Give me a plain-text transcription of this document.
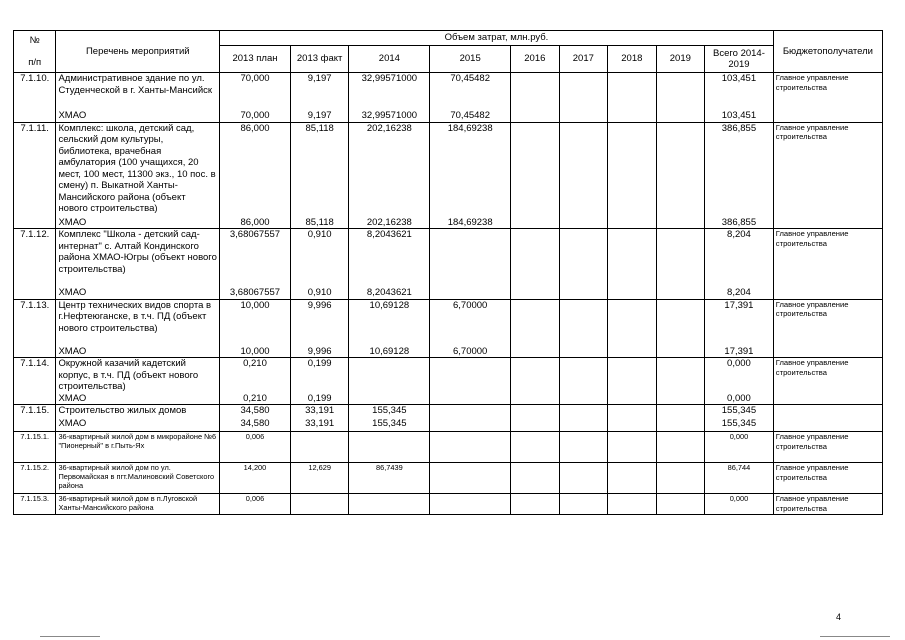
№
п/п	Перечень мероприятий	Объем затрат, млн.руб.									Бюджетополучатели
		2013 план	2013 факт	2014	2015	2016	2017	2018	2019	Всего 2014-2019	
7.1.10.	Административное здание по ул. Студенческой в г. Ханты-Мансийск	70,000	9,197	32,99571000	70,45482					103,451	Главное управление строительства
	ХМАО	70,000	9,197	32,99571000	70,45482					103,451	
7.1.11.	Комплекс: школа, детский сад, сельский дом культуры, библиотека, врачебная амбулатория (100 учащихся, 20 мест, 100 мест, 11300 экз., 10 пос. в смену) п. Выкатной Ханты-Мансийского района (объект нового строительства)	86,000	85,118	202,16238	184,69238					386,855	Главное управление строительства
	ХМАО	86,000	85,118	202,16238	184,69238					386,855	
7.1.12.	Комплекс "Школа - детский сад-интернат" с. Алтай Кондинского района ХМАО-Югры (объект нового строительства)	3,68067557	0,910	8,2043621						8,204	Главное управление строительства
	ХМАО	3,68067557	0,910	8,2043621						8,204	
7.1.13.	Центр технических видов спорта в г.Нефтеюганске, в т.ч. ПД (объект нового строительства)	10,000	9,996	10,69128	6,70000					17,391	Главное управление строительства
	ХМАО	10,000	9,996	10,69128	6,70000					17,391	
7.1.14.	Окружной казачий кадетский корпус, в т.ч. ПД (объект нового строительства)	0,210	0,199							0,000	Главное управление строительства
	ХМАО	0,210	0,199							0,000	
7.1.15.	Строительство жилых домов	34,580	33,191	155,345						155,345	
	ХМАО	34,580	33,191	155,345						155,345	
7.1.15.1.	36-квартирный жилой дом в микрорайоне №6 "Пионерный" в г.Пыть-Ях	0,006								0,000	Главное управление строительства
7.1.15.2.	36-квартирный жилой дом по ул. Первомайская в пгт.Малиновский Советского района	14,200	12,629	86,7439						86,744	Главное управление строительства
7.1.15.3.	36-квартирный жилой дом в п.Луговской Ханты-Мансийского района	0,006								0,000	Главное управление строительства
4
